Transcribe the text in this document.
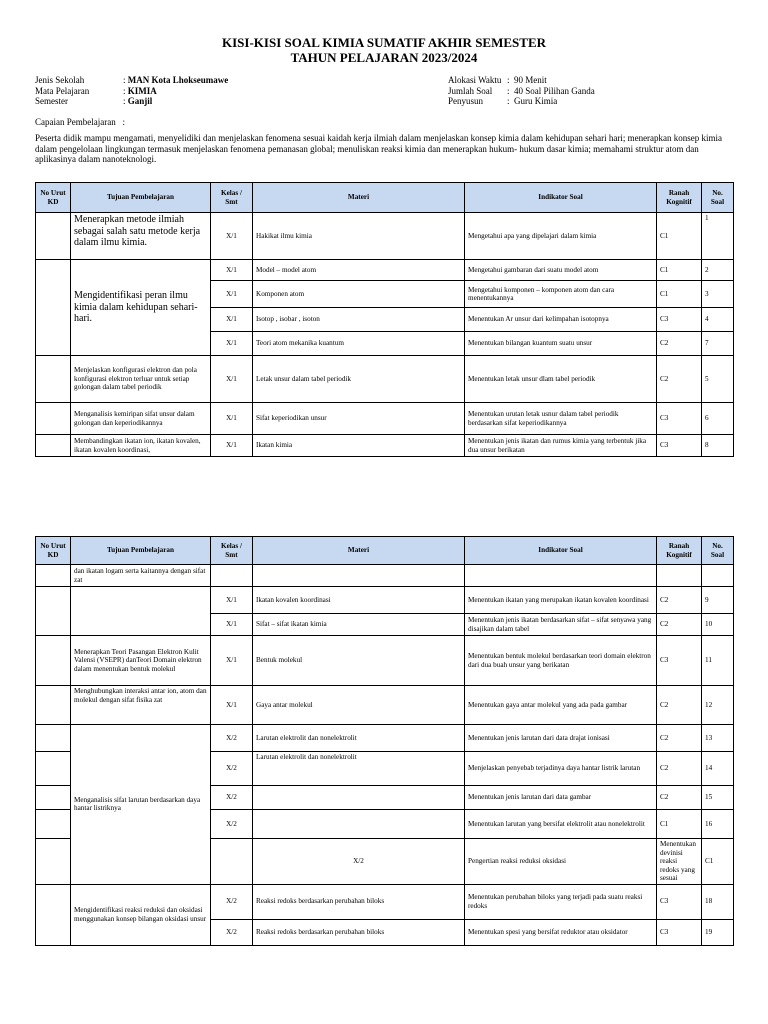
KISI-KISI SOAL KIMIA SUMATIF AKHIR SEMESTER
TAHUN PELAJARAN 2023/2024
Jenis Sekolah	: MAN Kota Lhokseumawe
Mata Pelajaran	: KIMIA
Semester	: Ganjil
Alokasi Waktu :  90 Menit
Jumlah Soal :  40 Soal Pilihan Ganda
Penyusun	:  Guru Kimia
Capaian Pembelajaran   :
Peserta didik mampu mengamati, menyelidiki dan menjelaskan fenomena sesuai kaidah kerja ilmiah dalam menjelaskan konsep kimia dalam kehidupan sehari hari; menerapkan konsep kimia dalam pengelolaan lingkungan termasuk menjelaskan fenomena pemanasan global; menuliskan reaksi kimia dan menerapkan hukum- hukum dasar kimia; memahami struktur atom dan aplikasinya dalam nanoteknologi.
No Urut KD	Tujuan Pembelajaran	Kelas / Smt	Materi	Indikator Soal	Ranah Kognitif	No. Soal
	Menerapkan metode ilmiah sebagai salah satu metode kerja dalam ilmu kimia.	X/1	Hakikat ilmu kimia	Mengetahui apa yang dipelajari dalam kimia	C1	1
	Mengidentifikasi peran ilmu kimia dalam kehidupan sehari-hari.	X/1	Model – model atom	Mengetahui gambaran dari suatu model atom	C1	2
		X/1	Komponen atom	Mengetahui komponen – komponen atom dan cara menentukannya	C1	3
		X/1	Isotop , isobar , isoton	Menentukan Ar unsur dari kelimpahan isotopnya	C3	4
		X/1	Teori atom mekanika kuantum	Menentukan bilangan kuantum suatu unsur	C2	7
	Menjelaskan konfigurasi elektron dan pola konfigurasi elektron terluar untuk setiap golongan dalam tabel periodik	X/1	Letak unsur dalam tabel periodik	Menentukan letak unsur dlam tabel periodik	C2	5
	Menganalisis kemiripan sifat unsur dalam golongan dan keperiodikannya	X/1	Sifat keperiodikan unsur	Menentukan urutan letak usnur dalam tabel periodik berdasarkan sifat keperiodikannya	C3	6
	Membandingkan ikatan ion, ikatan kovalen, ikatan kovalen koordinasi,	X/1	Ikatan kimia	Menentukan jenis ikatan dan rumus kimia yang terbentuk jika dua unsur berikatan	C3	8
No Urut KD	Tujuan Pembelajaran	Kelas / Smt	Materi	Indikator Soal	Ranah Kognitif	No. Soal	
	dan ikatan logam serta kaitannya dengan sifat zat						
		X/1	Ikatan kovalen koordinasi	Menentukan ikatan yang merupakan ikatan kovalen koordinasi	C2	9	
		X/1	Sifat – sifat ikatan kimia	Menentukan jenis ikatan berdasarkan sifat – sifat senyawa yang disajikan dalam tabel	C2	10	
	Menerapkan Teori Pasangan Elektron Kulit Valensi (VSEPR) danTeori Domain elektron dalam menentukan bentuk molekul	X/1	Bentuk molekul	Menentukan bentuk molekul berdasarkan teori domain elektron dari dua buah unsur yang berikatan	C3	11	
	Menghubungkan interaksi antar ion, atom dan molekul dengan sifat fisika zat	X/1	Gaya antar molekul	Menentukan gaya antar molekul yang ada pada gambar	C2	12	
	Menganalisis sifat larutan berdasarkan daya hantar listriknya	X/2	Larutan elektrolit dan nonelektrolit	Menentukan jenis larutan dari data drajat ionisasi	C2	13	
		X/2	Larutan elektrolit dan nonelektrolit	Menjelaskan penyebab terjadinya daya hantar listrik larutan	C2	14	
		X/2		Menentukan jenis larutan dari data gambar	C2	15	
		X/2		Menentukan larutan yang bersifat elektrolit atau nonelektrolit	C1	16	
			X/2	Pengertian reaksi reduksi oksidasi	Menentukan devinisi reaksi redoks yang sesuai	C1	
	Mengidentifikasi reaksi reduksi dan oksidasi menggunakan konsep bilangan oksidasi unsur	X/2	Reaksi redoks berdasarkan perubahan biloks	Menentukan perubahan biloks yang terjadi pada suatu reaksi redoks	C3	18	
		X/2	Reaksi redoks berdasarkan perubahan biloks	Menentukan spesi yang bersifat reduktor atau oksidator	C3	19	
